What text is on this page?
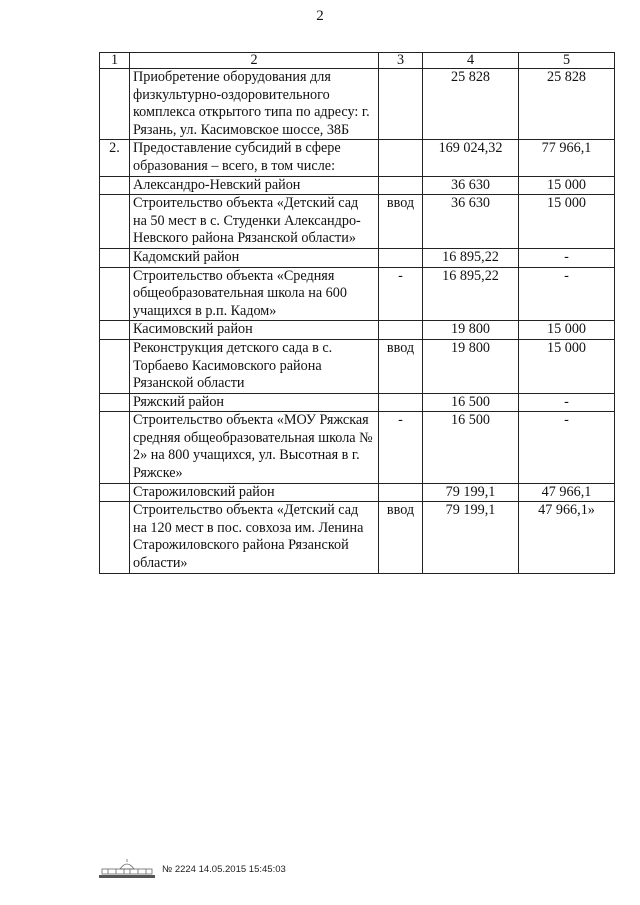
2
1	2	3	4	5
	Приобретение оборудования для физкультурно-оздоровительного комплекса открытого типа по адресу: г. Рязань, ул. Касимовское шоссе, 38Б		25 828	25 828
2.	Предоставление субсидий в сфере образования – всего, в том числе:		169 024,32	77 966,1
	Александро-Невский район		36 630	15 000
	Строительство объекта «Детский сад на 50 мест в с. Студенки Александро-Невского района Рязанской области»	ввод	36 630	15 000
	Кадомский район		16 895,22	-
	Строительство объекта «Средняя общеобразовательная школа на 600 учащихся в р.п. Кадом»	-	16 895,22	-
	Касимовский район		19 800	15 000
	Реконструкция детского сада в с. Торбаево Касимовского района Рязанской области	ввод	19 800	15 000
	Ряжский район		16 500	-
	Строительство объекта «МОУ Ряжская средняя общеобразовательная школа № 2» на 800 учащихся, ул. Высотная в г. Ряжске»	-	16 500	-
	Старожиловский район		79 199,1	47 966,1
	Строительство объекта «Детский сад на 120 мест в пос. совхоза им. Ленина Старожиловского района Рязанской области»	ввод	79 199,1	47 966,1»
№ 2224 14.05.2015 15:45:03
